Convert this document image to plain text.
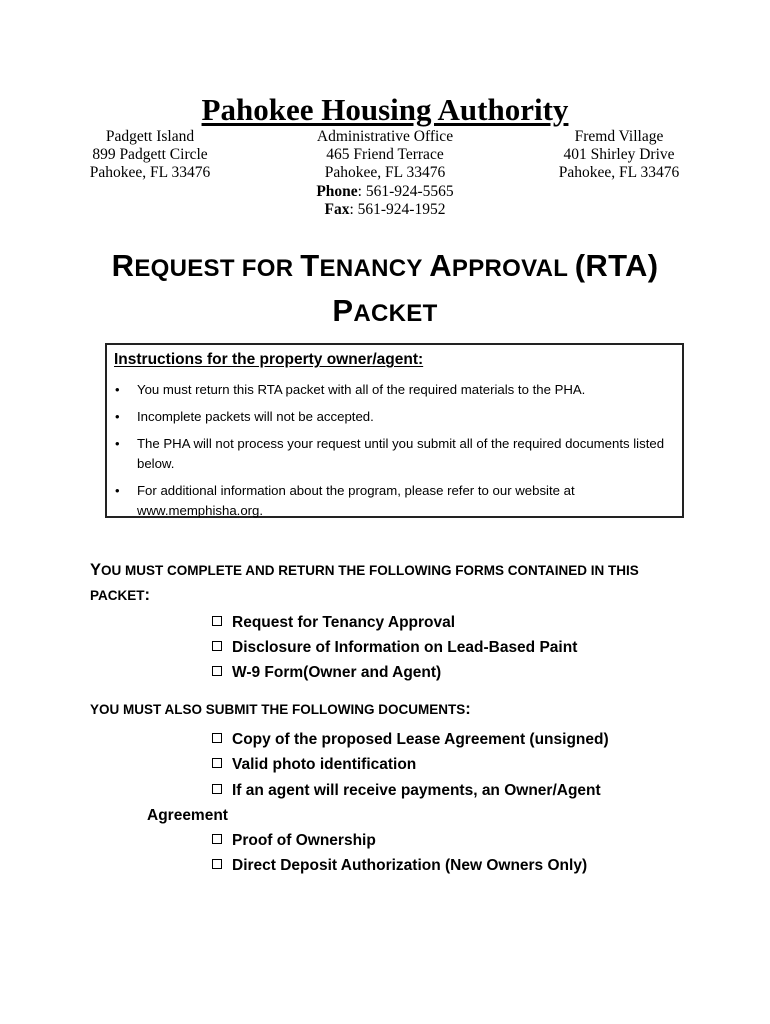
Pahokee Housing Authority
Padgett Island
899 Padgett Circle
Pahokee, FL 33476
Administrative Office
465 Friend Terrace
Pahokee, FL 33476
Phone: 561-924-5565
Fax: 561-924-1952
Fremd Village
401 Shirley Drive
Pahokee, FL 33476
REQUEST FOR TENANCY APPROVAL (RTA)
PACKET
Instructions for the property owner/agent:
• You must return this RTA packet with all of the required materials to the PHA.
• Incomplete packets will not be accepted.
• The PHA will not process your request until you submit all of the required documents listed below.
• For additional information about the program, please refer to our website at www.memphisha.org.
YOU MUST COMPLETE AND RETURN THE FOLLOWING FORMS CONTAINED IN THIS PACKET:
Request for Tenancy Approval
Disclosure of Information on Lead-Based Paint
W-9 Form(Owner and Agent)
YOU MUST ALSO SUBMIT THE FOLLOWING DOCUMENTS:
Copy of the proposed Lease Agreement (unsigned)
Valid photo identification
If an agent will receive payments, an Owner/Agent
Agreement
Proof of Ownership
Direct Deposit Authorization (New Owners Only)
